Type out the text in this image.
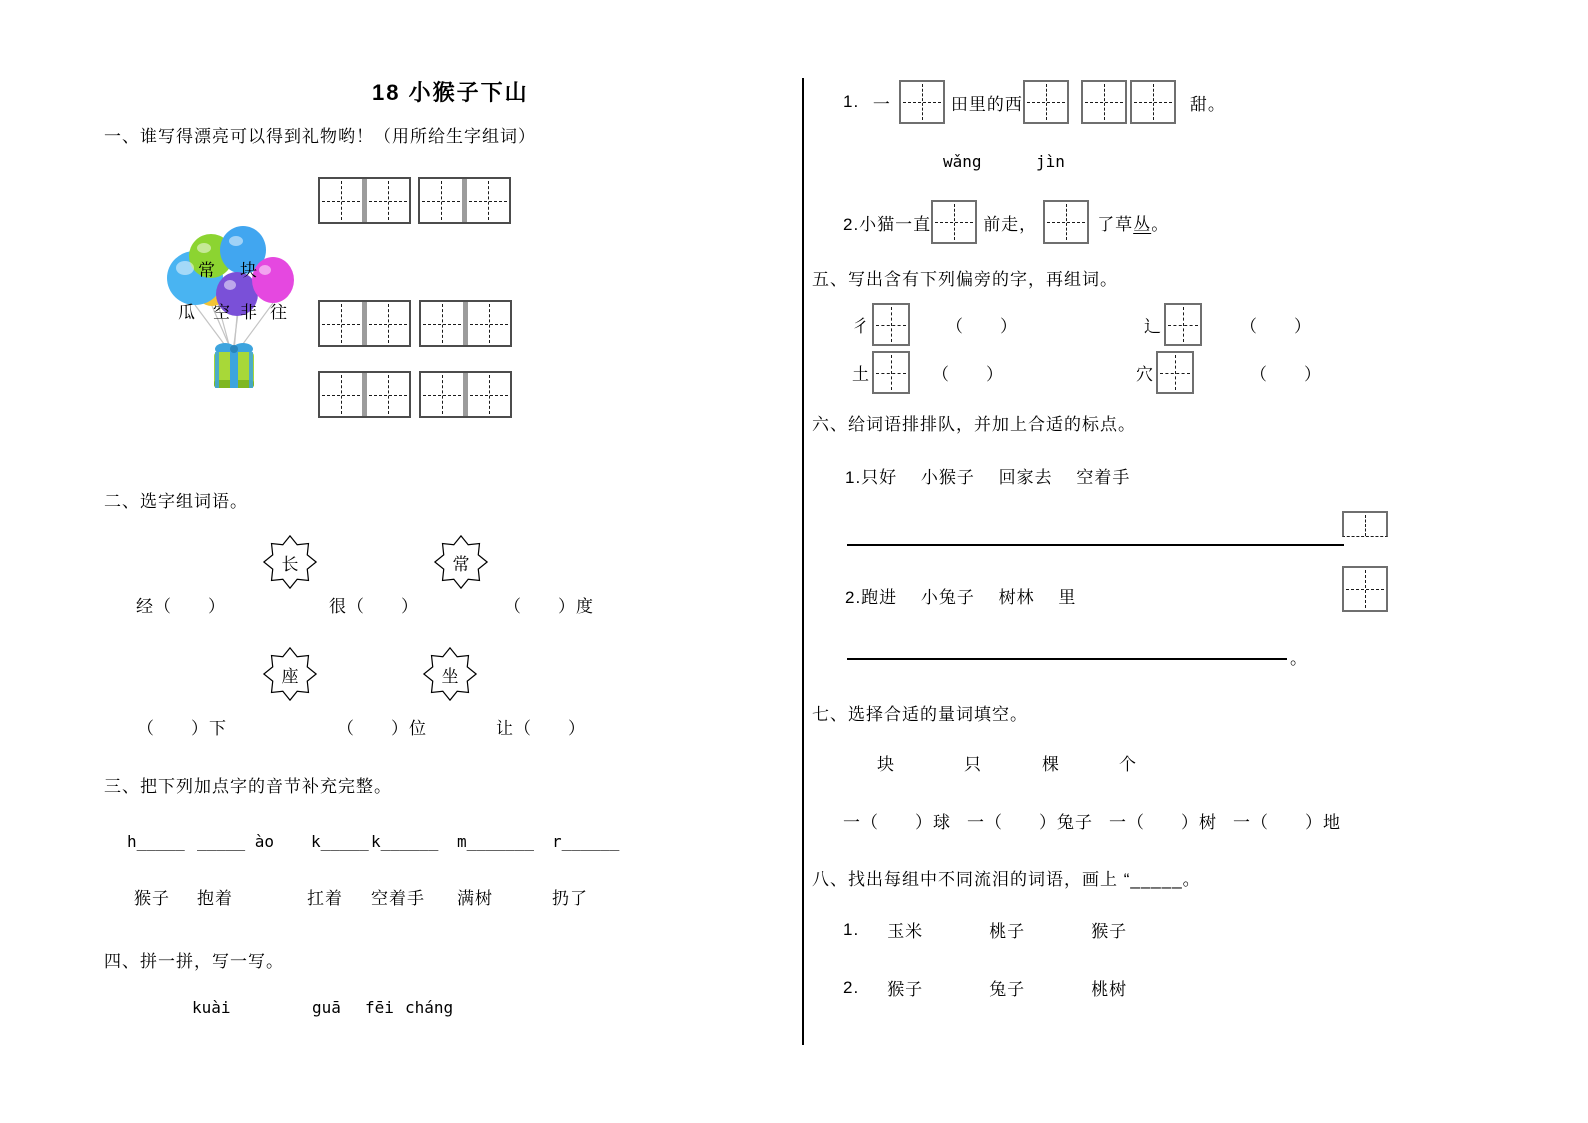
18 小猴子下山
一、谁写得漂亮可以得到礼物哟！（用所给生字组词）
常 块
瓜 空 非 往
二、选字组词语。
长	常
经（　　）	很（　　）	（　　）度
座	坐
（　　）下	（　　）位	让（　　）
三、把下列加点字的音节补充完整。
h_____ _____ ào k_____ k______ m_______ r______
猴子 抱着	扛着 空着手 满树	扔了
四、拼一拼，写一写。
kuài	guā fēi cháng
1. 一	田里的西	甜。
wǎng	jìn
2.小猫一直	前走，	了草 丛 。
五、写出含有下列偏旁的字，再组词。
彳	（　　）	辶	（　　）
土	（　　）	穴	（　　）
六、给词语排排队，并加上合适的标点。
1.只好　 小猴子　 回家去　 空着手
2.跑进　 小兔子　 树林　 里
。
七、选择合适的量词填空。
块	只	棵	个
一（　　）球 一（　　）兔子 一（　　）树 一（　　）地
八、找出每组中不同流泪的词语，画上 “_____。
1. 玉米	桃子	猴子
2. 猴子	兔子	桃树
